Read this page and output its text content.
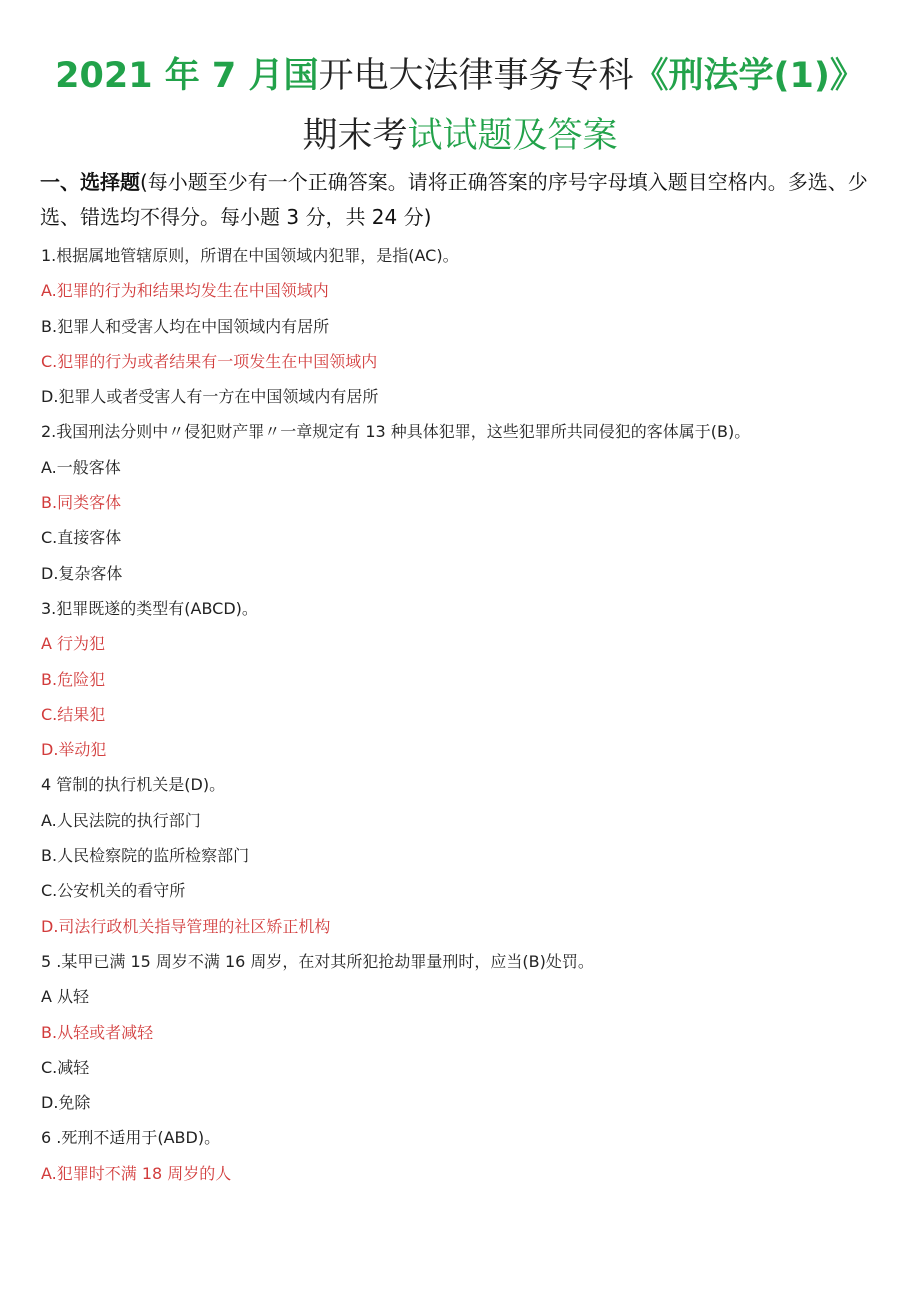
2021 年 7 月国开电大法律事务专科《刑法学(1)》
期末考试试题及答案
一、选择题(每小题至少有一个正确答案。请将正确答案的序号字母填入题目空格内。多选、少选、错选均不得分。每小题 3 分，共 24 分)
1.根据属地管辖原则，所谓在中国领域内犯罪，是指(AC)。
A.犯罪的行为和结果均发生在中国领域内
B.犯罪人和受害人均在中国领域内有居所
C.犯罪的行为或者结果有一项发生在中国领域内
D.犯罪人或者受害人有一方在中国领域内有居所
2.我国刑法分则中〃侵犯财产罪〃一章规定有 13 种具体犯罪，这些犯罪所共同侵犯的客体属于(B)。
A.一般客体
B.同类客体
C.直接客体
D.复杂客体
3.犯罪既遂的类型有(ABCD)。
A 行为犯
B.危险犯
C.结果犯
D.举动犯
4 管制的执行机关是(D)。
A.人民法院的执行部门
B.人民检察院的监所检察部门
C.公安机关的看守所
D.司法行政机关指导管理的社区矫正机构
5 .某甲已满 15 周岁不满 16 周岁，在对其所犯抢劫罪量刑时，应当(B)处罚。
A 从轻
B.从轻或者减轻
C.减轻
D.免除
6 .死刑不适用于(ABD)。
A.犯罪时不满 18 周岁的人
